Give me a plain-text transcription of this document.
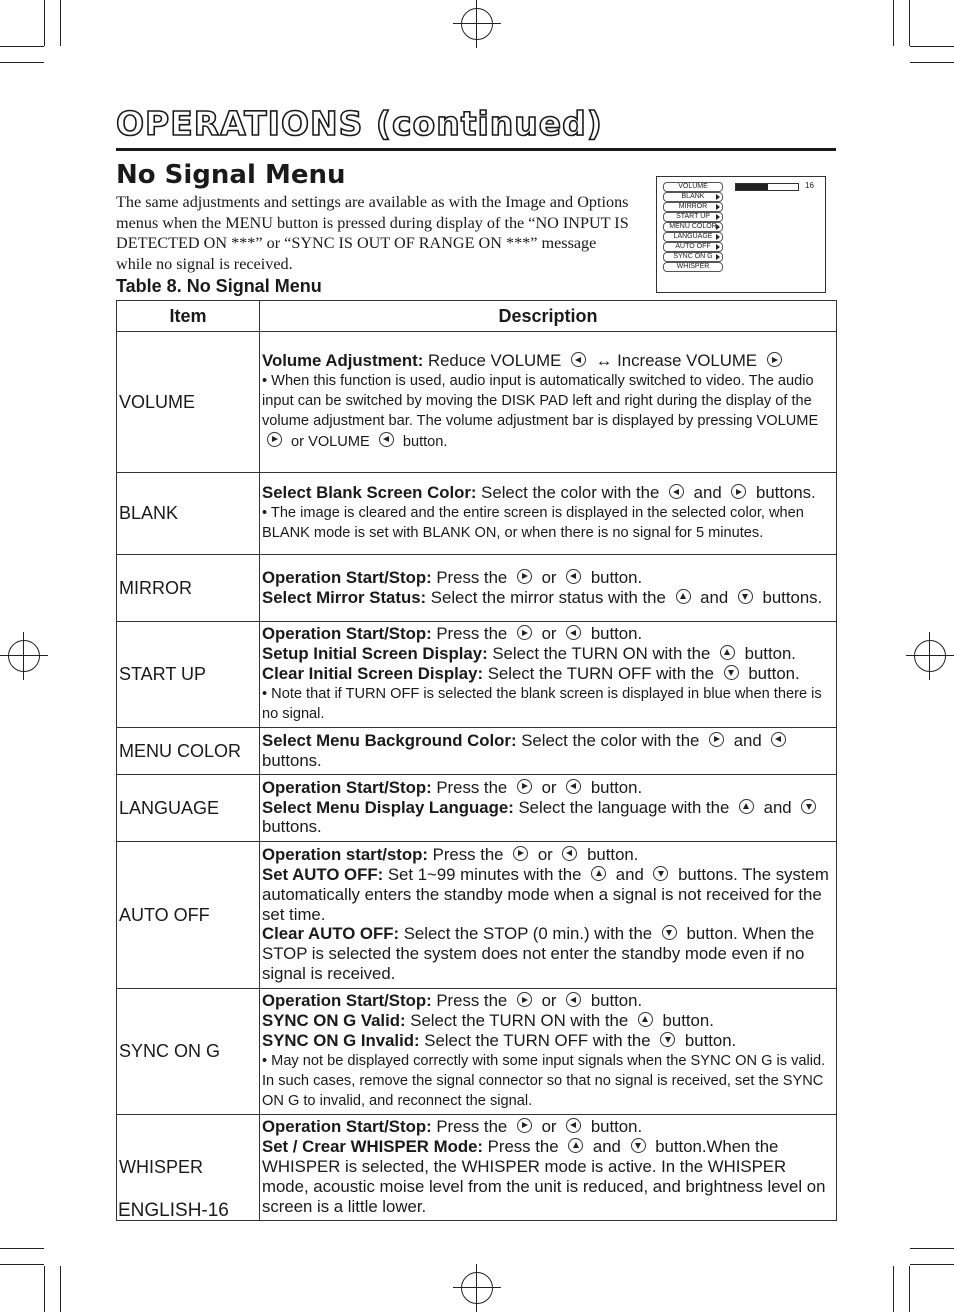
OPERATIONS (continued)
No Signal Menu
The same adjustments and settings are available as with the Image and Options menus when the MENU button is pressed during display of the “NO INPUT IS DETECTED ON ***” or “SYNC IS OUT OF RANGE ON ***” message while no signal is received.
VOLUME
BLANK
MIRROR
START UP
MENU COLOR
LANGUAGE
AUTO OFF
SYNC ON G
WHISPER
16
Table 8. No Signal Menu
Item	Description
VOLUME	Volume Adjustment: Reduce VOLUME  ↔ Increase VOLUME
• When this function is used, audio input is automatically switched to video. The audio input can be switched by moving the DISK PAD left and right during the display of the volume adjustment bar. The volume adjustment bar is displayed by pressing VOLUME  or VOLUME  button.

BLANK	Select Blank Screen Color: Select the color with the  and  buttons.
• The image is cleared and the entire screen is displayed in the selected color, when BLANK mode is set with BLANK ON, or when there is no signal for 5 minutes.

MIRROR	Operation Start/Stop: Press the  or  button.
Select Mirror Status: Select the mirror status with the  and  buttons.

START UP	Operation Start/Stop: Press the  or  button.
Setup Initial Screen Display: Select the TURN ON with the  button.
Clear Initial Screen Display: Select the TURN OFF with the  button.
• Note that if TURN OFF is selected the blank screen is displayed in blue when there is no signal.

MENU COLOR	Select Menu Background Color: Select the color with the  and  buttons.

LANGUAGE	Operation Start/Stop: Press the  or  button.
Select Menu Display Language: Select the language with the  and  buttons.

AUTO OFF	Operation start/stop: Press the  or  button.
Set AUTO OFF: Set 1~99 minutes with the  and  buttons. The system automatically enters the standby mode when a signal is not received for the set time.
Clear AUTO OFF: Select the STOP (0 min.) with the  button. When the STOP is selected the system does not enter the standby mode even if no signal is received.

SYNC ON G	Operation Start/Stop: Press the  or  button.
SYNC ON G Valid: Select the TURN ON with the  button.
SYNC ON G Invalid: Select the TURN OFF with the  button.
• May not be displayed correctly with some input signals when the SYNC ON G is valid. In such cases, remove the signal connector so that no signal is received, set the SYNC ON G to invalid, and reconnect the signal.

WHISPER	Operation Start/Stop: Press the  or  button.
Set / Crear WHISPER Mode: Press the  and  button.When the WHISPER is selected, the WHISPER mode is active. In the WHISPER mode, acoustic moise level from the unit is reduced, and brightness level on screen is a little lower.
ENGLISH-16
